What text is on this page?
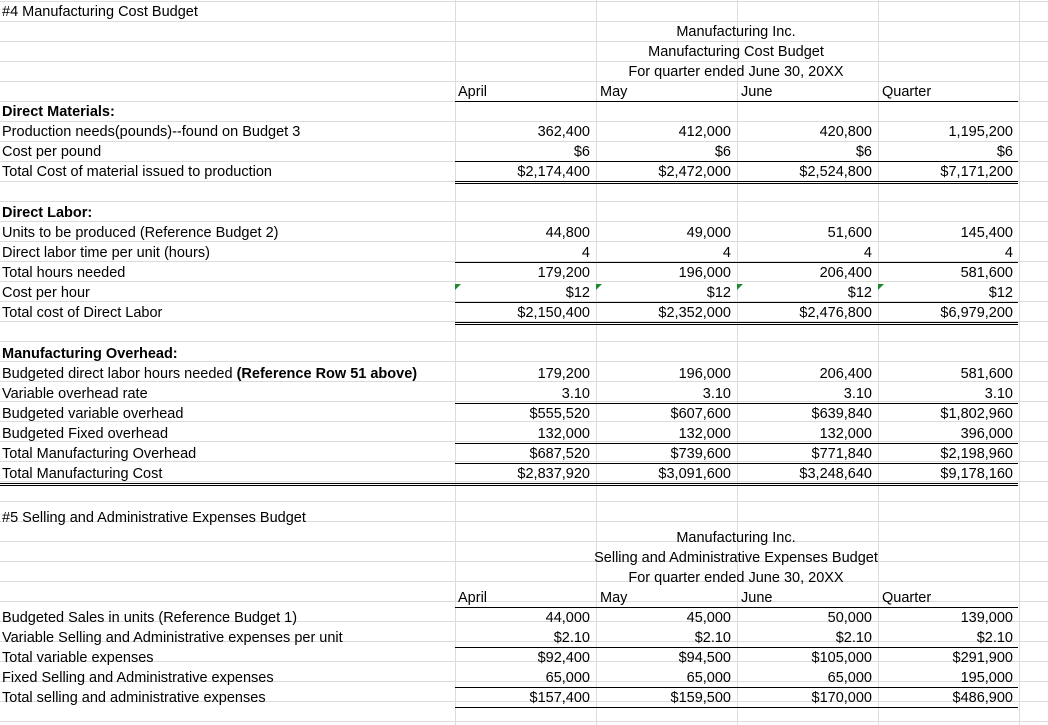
#4 Manufacturing Cost Budget
Manufacturing Inc.
Manufacturing Cost Budget
For quarter ended June 30, 20XX
April	May	June	Quarter
Direct Materials:
Production needs(pounds)--found on Budget 3	362,400	412,000	420,800	1,195,200
Cost per pound	$6	$6	$6	$6
Total Cost of material issued to production	$2,174,400	$2,472,000	$2,524,800	$7,171,200
Direct Labor:
Units to be produced (Reference Budget 2)	44,800	49,000	51,600	145,400
Direct labor time per unit (hours)	4	4	4	4
Total hours needed	179,200	196,000	206,400	581,600
Cost per hour	$12	$12	$12	$12
Total cost of Direct Labor	$2,150,400	$2,352,000	$2,476,800	$6,979,200
Manufacturing Overhead:
Budgeted direct labor hours needed (Reference Row 51 above)	179,200	196,000	206,400	581,600
Variable overhead rate	3.10	3.10	3.10	3.10
Budgeted variable overhead	$555,520	$607,600	$639,840	$1,802,960
Budgeted Fixed overhead	132,000	132,000	132,000	396,000
Total Manufacturing Overhead	$687,520	$739,600	$771,840	$2,198,960
Total Manufacturing Cost	$2,837,920	$3,091,600	$3,248,640	$9,178,160
#5 Selling and Administrative Expenses Budget
Manufacturing Inc.
Selling and Administrative Expenses Budget
For quarter ended June 30, 20XX
April	May	June	Quarter
Budgeted Sales in units (Reference Budget 1)	44,000	45,000	50,000	139,000
Variable Selling and Administrative expenses per unit	$2.10	$2.10	$2.10	$2.10
Total variable expenses	$92,400	$94,500	$105,000	$291,900
Fixed Selling and Administrative expenses	65,000	65,000	65,000	195,000
Total selling and administrative expenses	$157,400	$159,500	$170,000	$486,900
